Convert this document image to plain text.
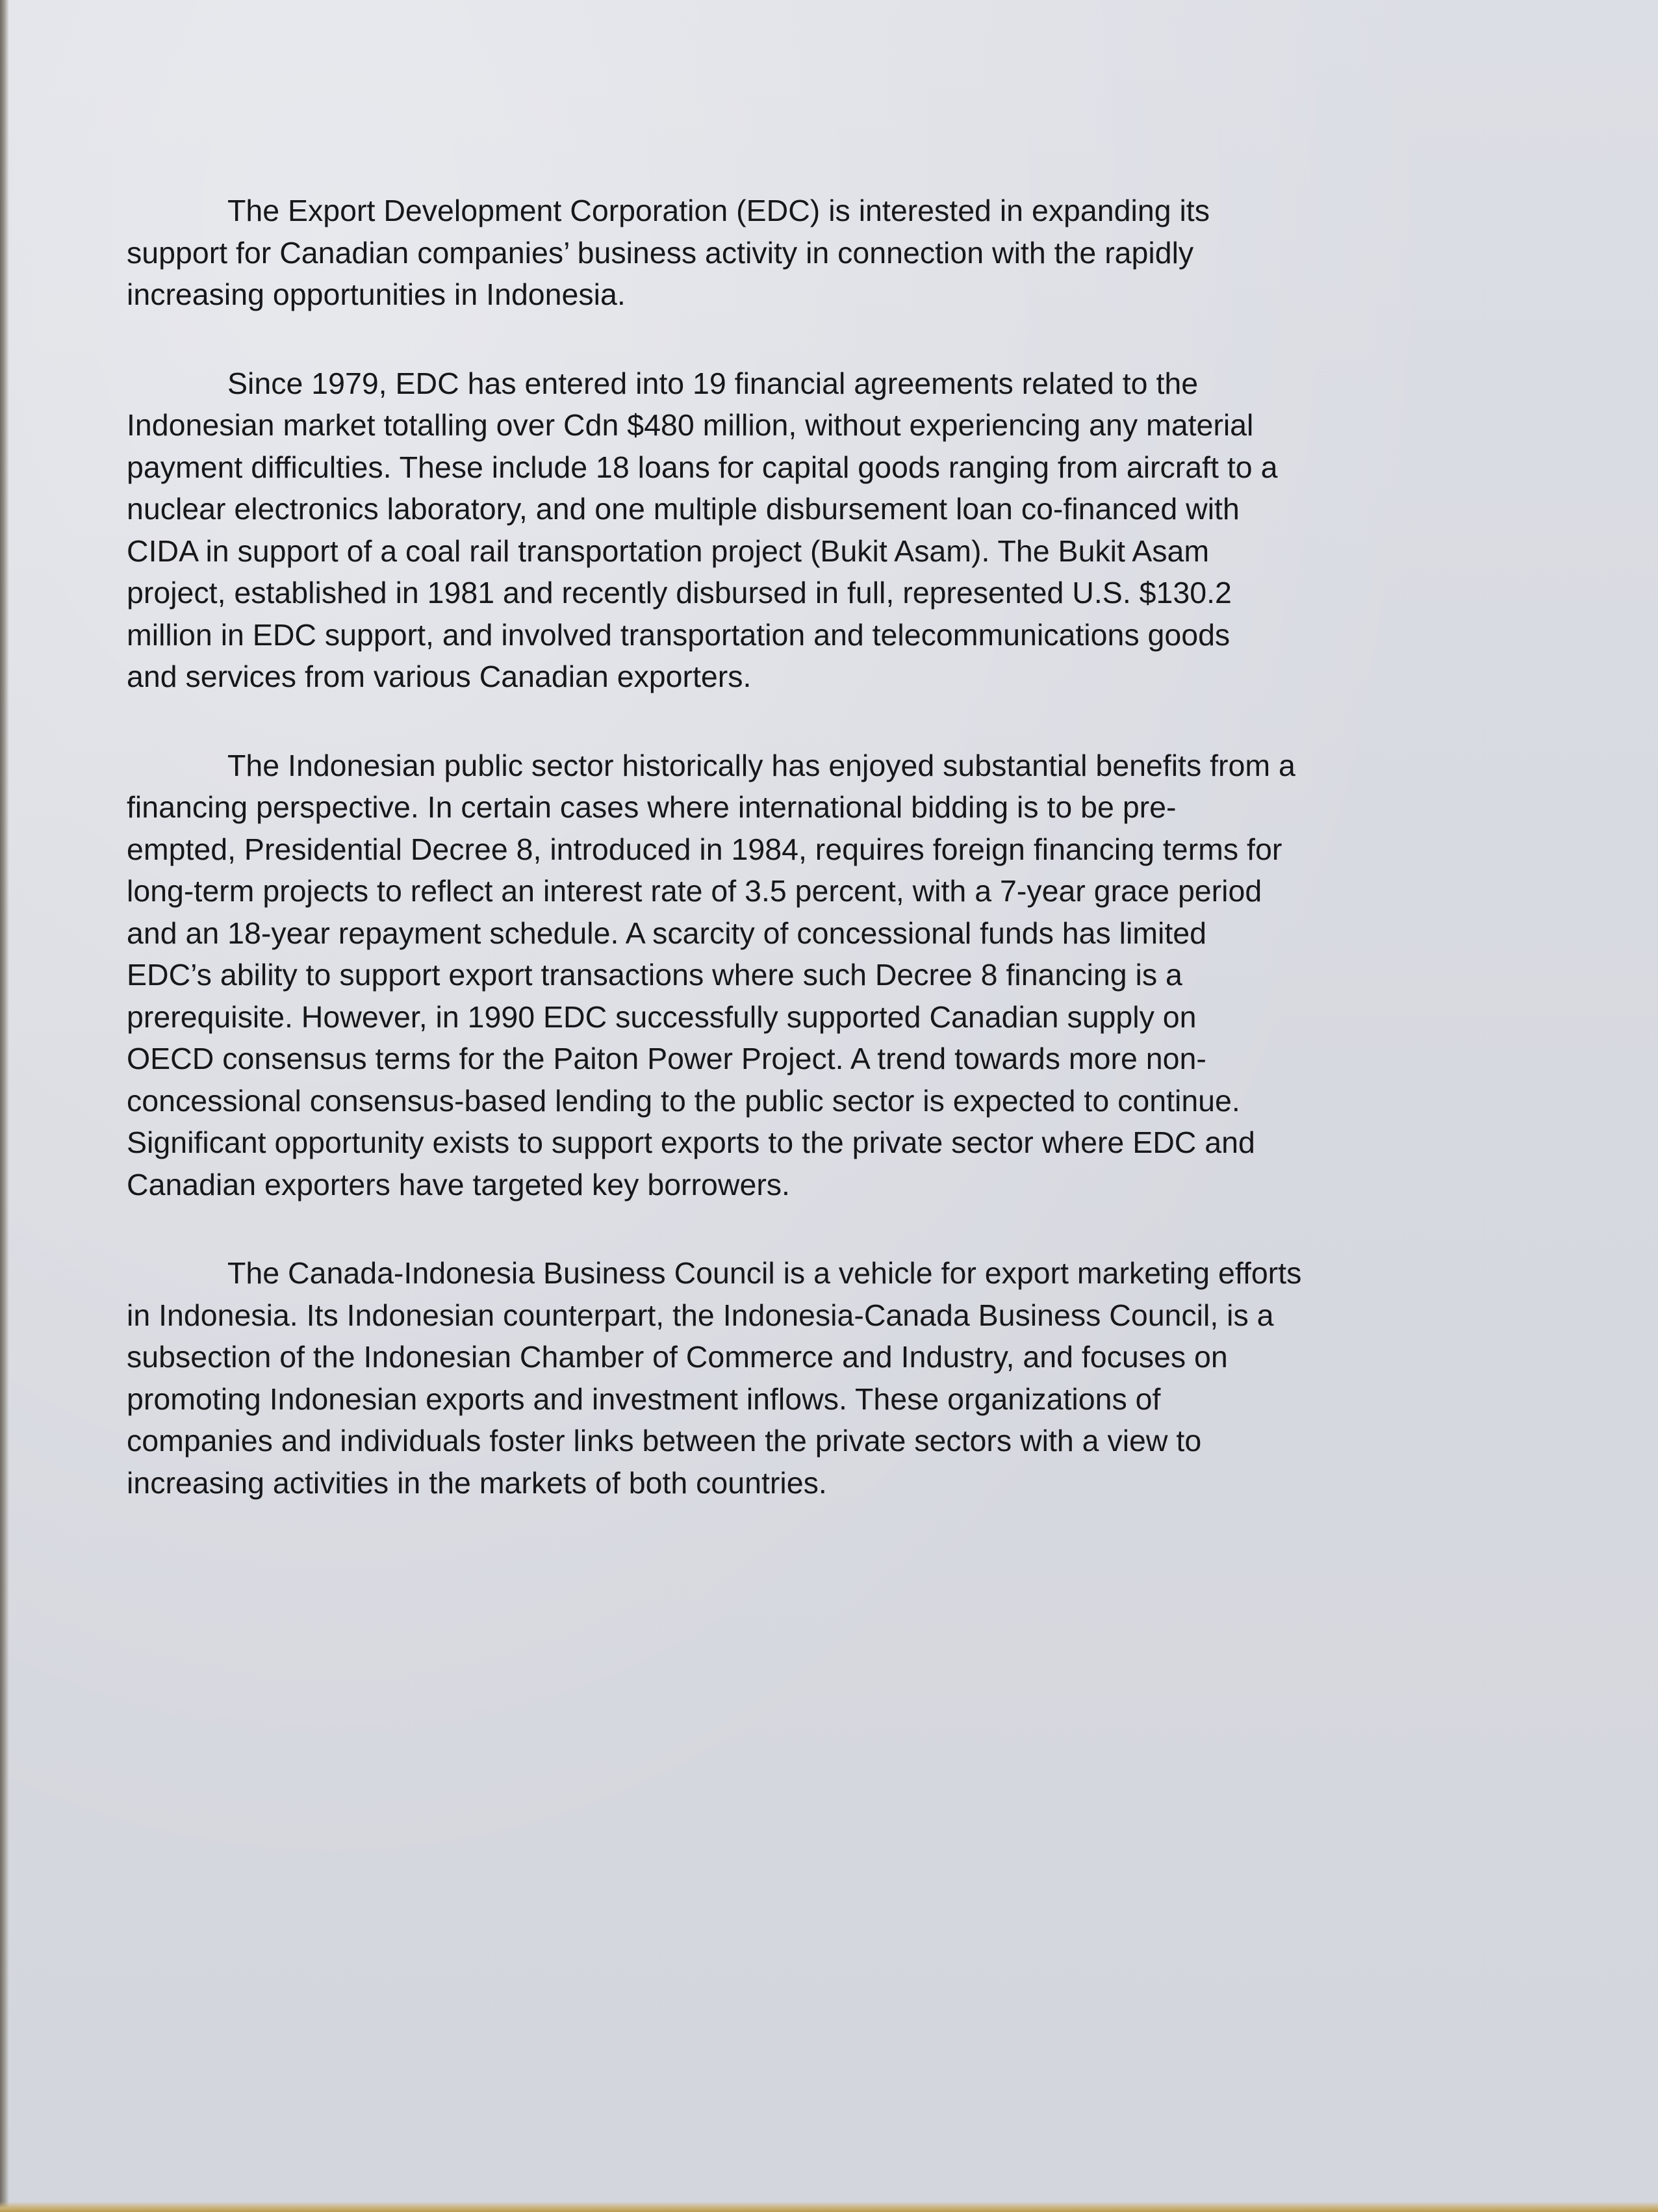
The Export Development Corporation (EDC) is interested in expanding its
support for Canadian companies’ business activity in connection with the rapidly
increasing opportunities in Indonesia.

Since 1979, EDC has entered into 19 financial agreements related to the
Indonesian market totalling over Cdn $480 million, without experiencing any material
payment difficulties. These include 18 loans for capital goods ranging from aircraft to a
nuclear electronics laboratory, and one multiple disbursement loan co-financed with
CIDA in support of a coal rail transportation project (Bukit Asam). The Bukit Asam
project, established in 1981 and recently disbursed in full, represented U.S. $130.2
million in EDC support, and involved transportation and telecommunications goods
and services from various Canadian exporters.

The Indonesian public sector historically has enjoyed substantial benefits from a
financing perspective. In certain cases where international bidding is to be pre-
empted, Presidential Decree 8, introduced in 1984, requires foreign financing terms for
long-term projects to reflect an interest rate of 3.5 percent, with a 7-year grace period
and an 18-year repayment schedule. A scarcity of concessional funds has limited
EDC’s ability to support export transactions where such Decree 8 financing is a
prerequisite. However, in 1990 EDC successfully supported Canadian supply on
OECD consensus terms for the Paiton Power Project. A trend towards more non-
concessional consensus-based lending to the public sector is expected to continue.
Significant opportunity exists to support exports to the private sector where EDC and
Canadian exporters have targeted key borrowers.

The Canada-Indonesia Business Council is a vehicle for export marketing efforts
in Indonesia. Its Indonesian counterpart, the Indonesia-Canada Business Council, is a
subsection of the Indonesian Chamber of Commerce and Industry, and focuses on
promoting Indonesian exports and investment inflows. These organizations of
companies and individuals foster links between the private sectors with a view to
increasing activities in the markets of both countries.
